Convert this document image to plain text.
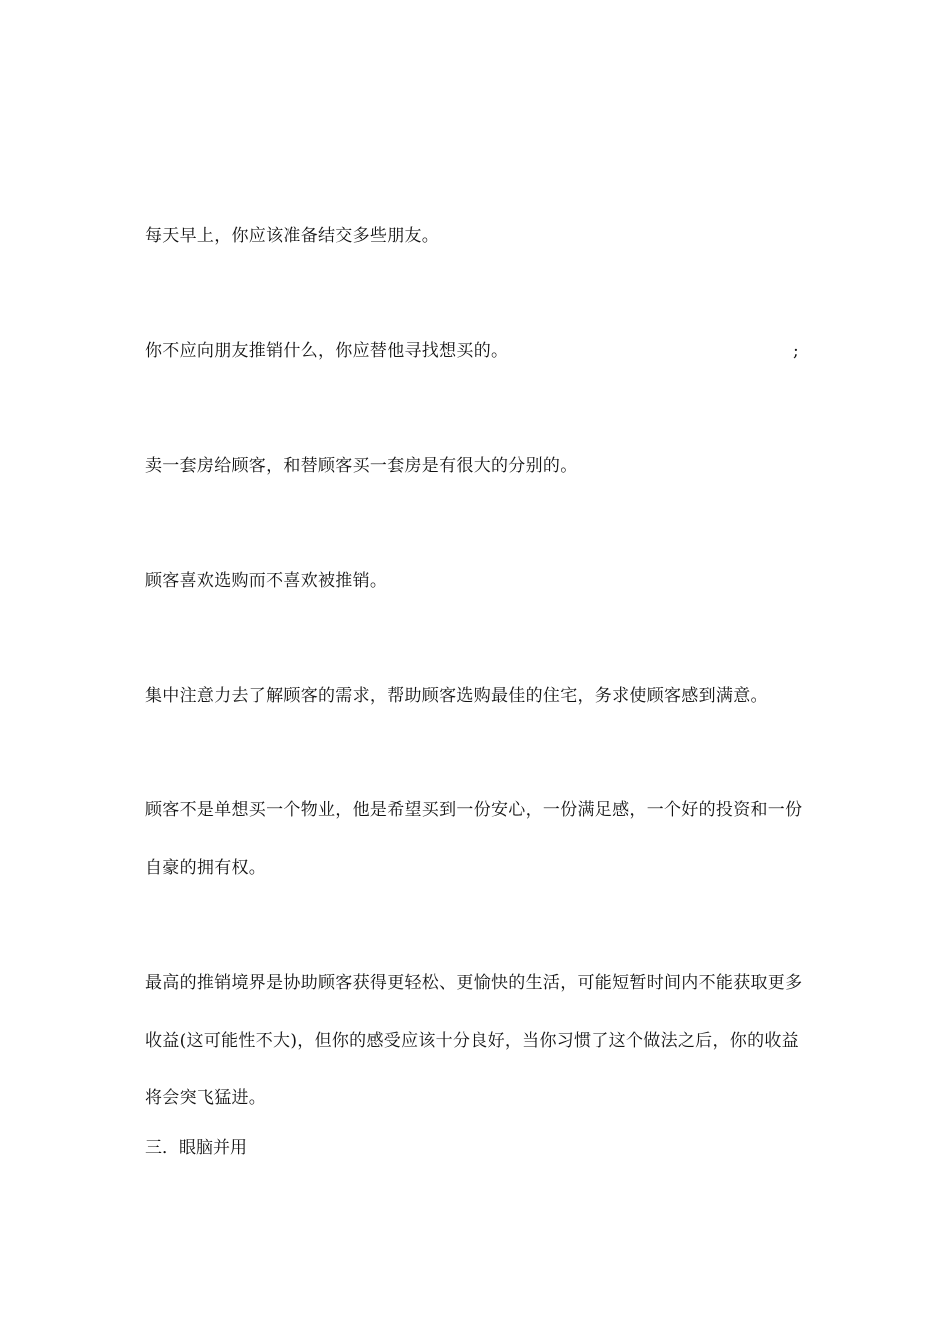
每天早上，你应该准备结交多些朋友。
你不应向朋友推销什么，你应替他寻找想买的。	;
卖一套房给顾客，和替顾客买一套房是有很大的分别的。
顾客喜欢选购而不喜欢被推销。
集中注意力去了解顾客的需求，帮助顾客选购最佳的住宅，务求使顾客感到满意。
顾客不是单想买一个物业，他是希望买到一份安心，一份满足感，一个好的投资和一份
自豪的拥有权。
最高的推销境界是协助顾客获得更轻松、更愉快的生活，可能短暂时间内不能获取更多
收益(这可能性不大)，但你的感受应该十分良好，当你习惯了这个做法之后，你的收益
将会突飞猛进。
三．眼脑并用
